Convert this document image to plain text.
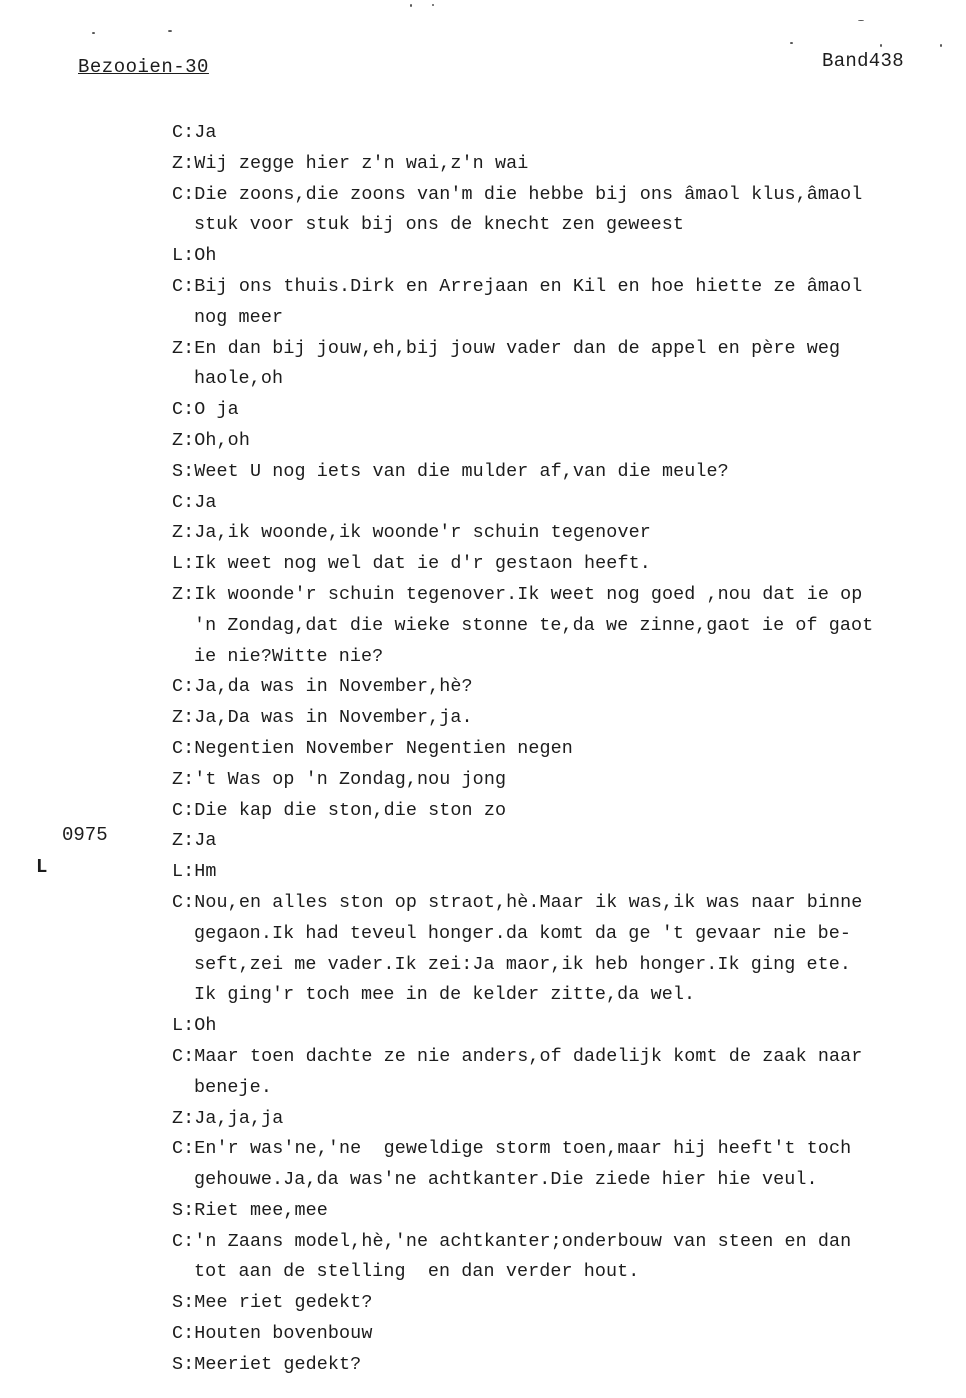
Bezooien-30	Band438
0975
L
C:Ja
Z:Wij zegge hier z'n wai,z'n wai
C:Die zoons,die zoons van'm die hebbe bij ons âmaol klus,âmaol
stuk voor stuk bij ons de knecht zen geweest
L:Oh
C:Bij ons thuis.Dirk en Arrejaan en Kil en hoe hiette ze âmaol
nog meer
Z:En dan bij jouw,eh,bij jouw vader dan de appel en père weg
haole,oh
C:O ja
Z:Oh,oh
S:Weet U nog iets van die mulder af,van die meule?
C:Ja
Z:Ja,ik woonde,ik woonde'r schuin tegenover
L:Ik weet nog wel dat ie d'r gestaon heeft.
Z:Ik woonde'r schuin tegenover.Ik weet nog goed ,nou dat ie op
'n Zondag,dat die wieke stonne te,da we zinne,gaot ie of gaot
ie nie?Witte nie?
C:Ja,da was in November,hè?
Z:Ja,Da was in November,ja.
C:Negentien November Negentien negen
Z:'t Was op 'n Zondag,nou jong
C:Die kap die ston,die ston zo
Z:Ja
L:Hm
C:Nou,en alles ston op straot,hè.Maar ik was,ik was naar binne
gegaon.Ik had teveul honger.da komt da ge 't gevaar nie be-
seft,zei me vader.Ik zei:Ja maor,ik heb honger.Ik ging ete.
Ik ging'r toch mee in de kelder zitte,da wel.
L:Oh
C:Maar toen dachte ze nie anders,of dadelijk komt de zaak naar
beneje.
Z:Ja,ja,ja
C:En'r was'ne,'ne  geweldige storm toen,maar hij heeft't toch
gehouwe.Ja,da was'ne achtkanter.Die ziede hier hie veul.
S:Riet mee,mee
C:'n Zaans model,hè,'ne achtkanter;onderbouw van steen en dan
tot aan de stelling  en dan verder hout.
S:Mee riet gedekt?
C:Houten bovenbouw
S:Meeriet gedekt?
